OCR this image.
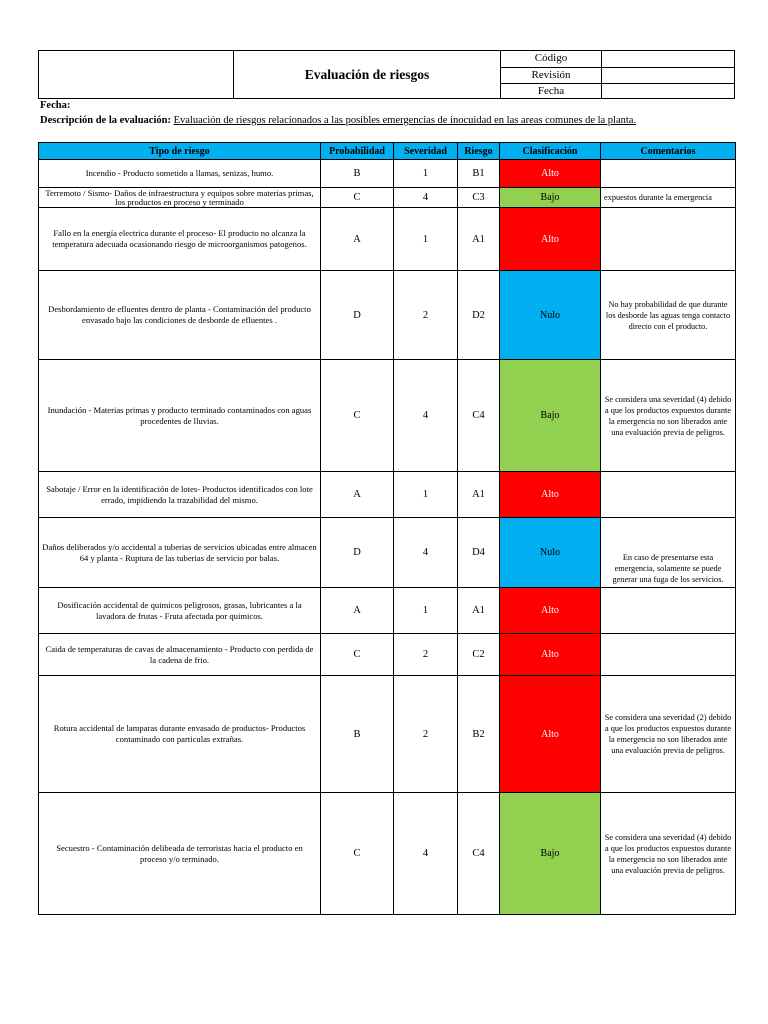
Evaluación de riesgos
Código
Revisión
Fecha
Fecha:
Descripción de la evaluación: Evaluación de riesgos relacionados a las posibles emergencias de inocuidad en las areas comunes de la planta.
Tipo de riesgo	Probabilidad	Severidad	Riesgo	Clasificación	Comentarios
Incendio - Producto sometido a llamas, senizas, humo.	B	1	B1	Alto	

Terremoto / Sismo- Daños de infraestructura y equipos sobre materias primas, los productos en proceso y terminado	C	4	C3	Bajo	expuestos durante la emergencia

Fallo en la energía electrica durante el proceso- El producto no alcanza la temperatura adecuada ocasionando riesgo de microorganismos patogenos.	A	1	A1	Alto	
Desbordamiento de efluentes dentro de planta - Contaminación del producto envasado bajo las condiciones de desborde de efluentes .	D	2	D2	Nulo	No hay probabilidad de que durante los desborde las aguas tenga contacto directo con el producto.
Inundación - Materias primas y producto terminado contaminados con aguas procedentes de lluvias.	C	4	C4	Bajo	Se considera una severidad (4) debido a que los productos expuestos durante la emergencia no son liberados ante una evaluación previa de peligros.
Sabotaje / Error en la identificación de lotes- Productos identificados con lote errado, impidiendo la trazabilidad del mismo.	A	1	A1	Alto	
Daños deliberados y/o accidental a tuberias de servicios ubicadas entre almacen 64 y planta - Ruptura de las tuberias de servicio por balas.	D	4	D4	Nulo	En caso de presentarse esta emergencia, solamente se puede generar una fuga de los servicios.
Dosificación accidental de quimicos peligrosos, grasas, lubricantes a la lavadora de frutas - Fruta afectada por quimicos.	A	1	A1	Alto	
Caida de temperaturas de cavas de almacenamiento - Producto con perdida de la cadena de frio.	C	2	C2	Alto	
Rotura accidental de lamparas durante envasado de productos- Productos contaminado con particulas extrañas.	B	2	B2	Alto	Se considera una severidad (2) debido a que los productos expuestos durante la emergencia no son liberados ante una evaluación previa de peligros.
Secuestro - Contaminación delibeada de terroristas hacia el producto en proceso y/o terminado.	C	4	C4	Bajo	Se considera una severidad (4) debido a que los productos expuestos durante la emergencia no son liberados ante una evaluación previa de peligros.
